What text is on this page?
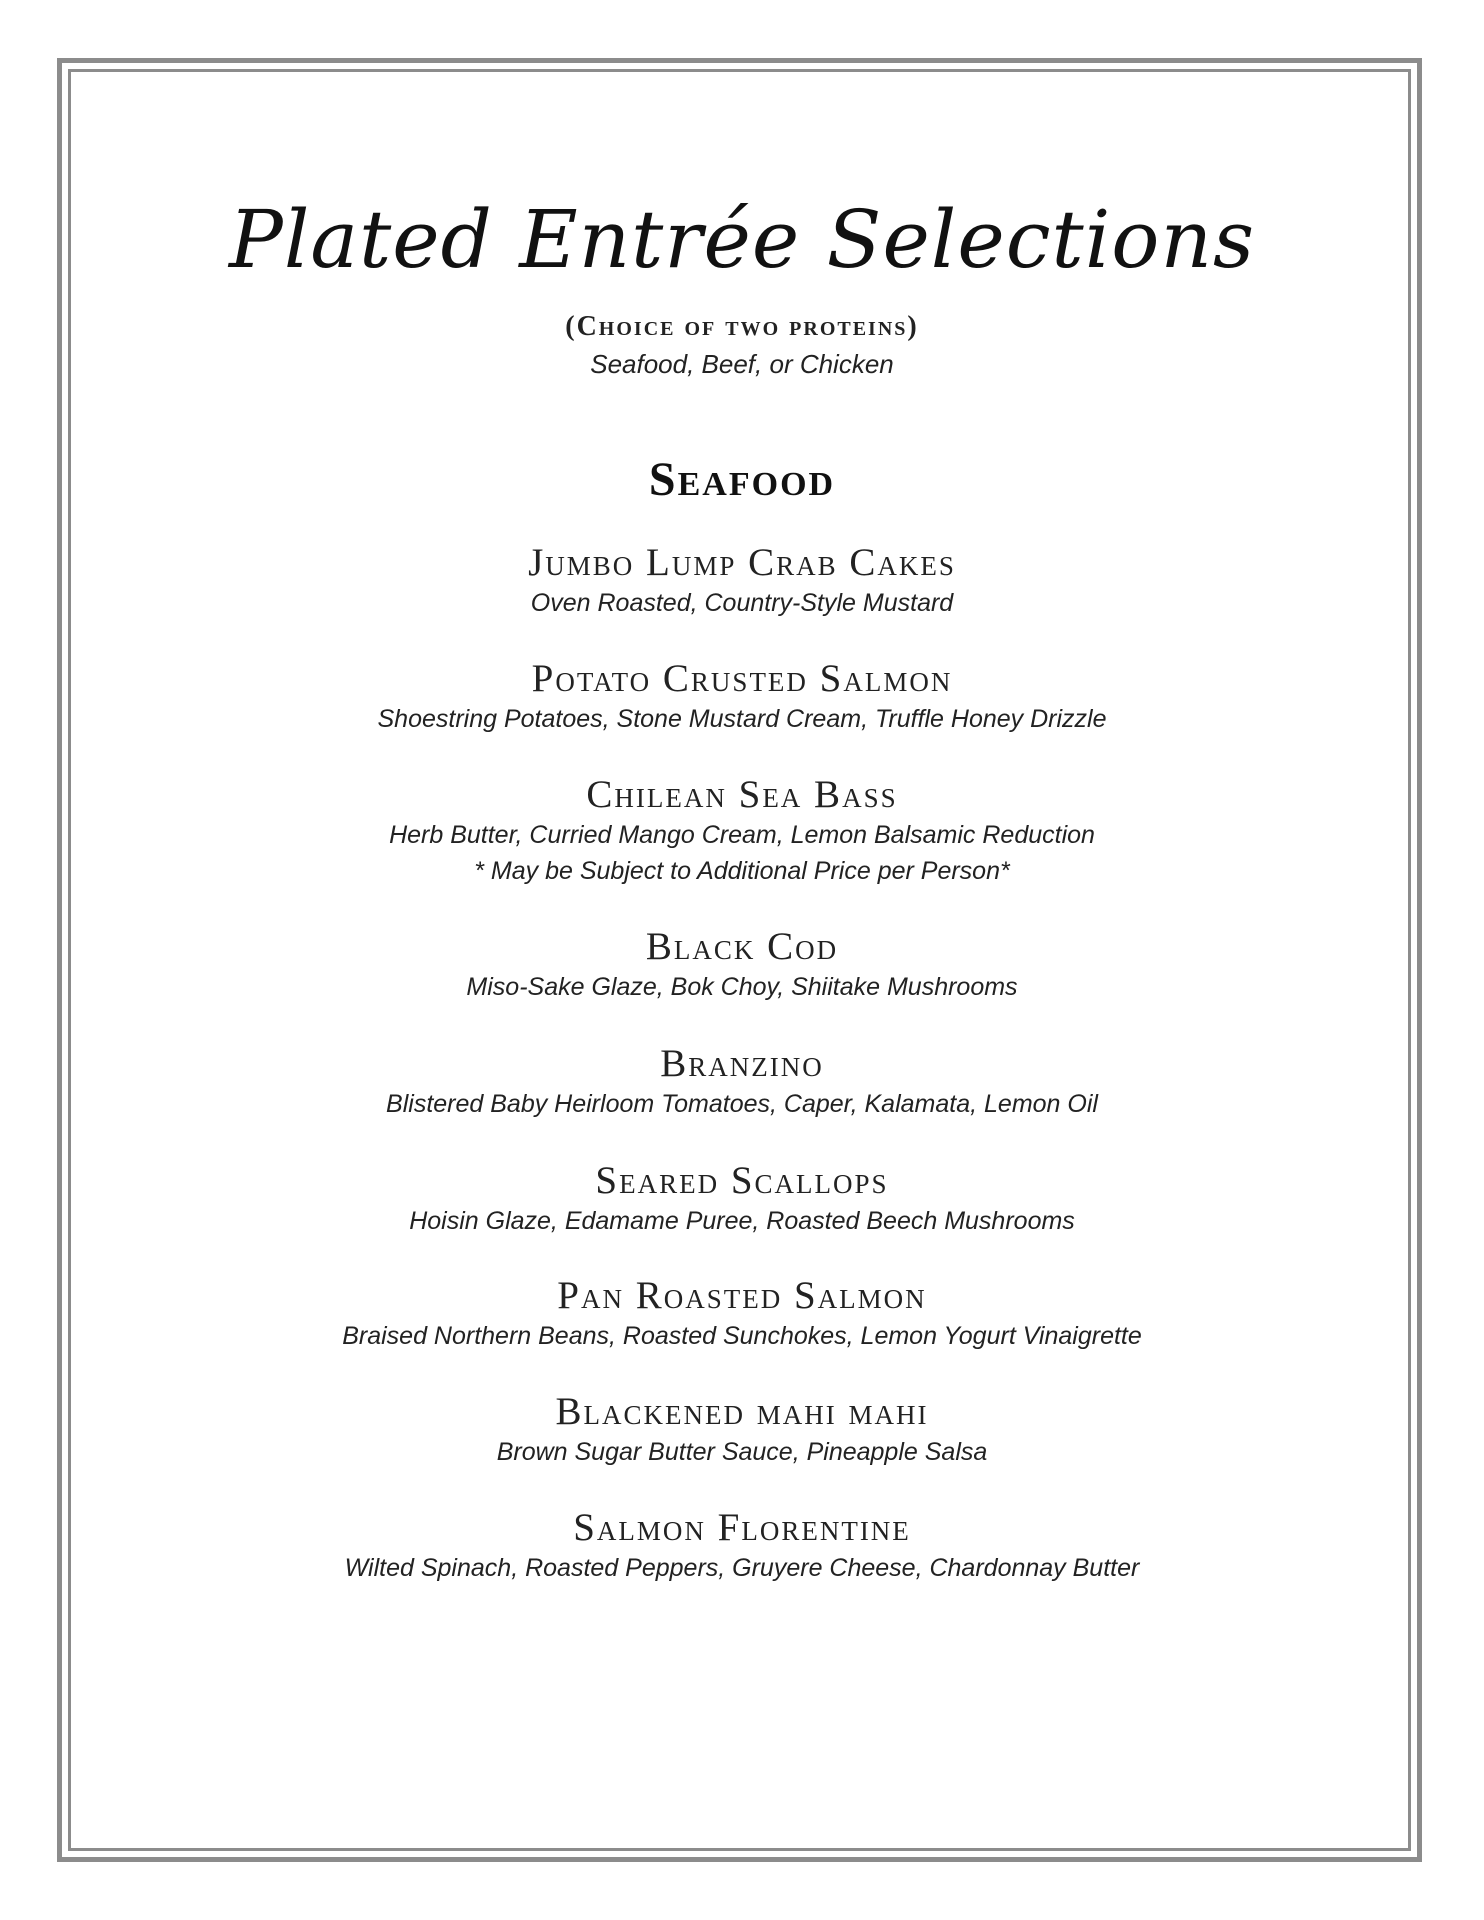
Plated Entrée Selections
(Choice of two proteins)
Seafood, Beef, or Chicken
Seafood
Jumbo Lump Crab Cakes
Oven Roasted, Country-Style Mustard
Potato Crusted Salmon
Shoestring Potatoes, Stone Mustard Cream, Truffle Honey Drizzle
Chilean Sea Bass
Herb Butter, Curried Mango Cream, Lemon Balsamic Reduction
* May be Subject to Additional Price per Person*
Black Cod
Miso-Sake Glaze, Bok Choy, Shiitake Mushrooms
Branzino
Blistered Baby Heirloom Tomatoes, Caper, Kalamata, Lemon Oil
Seared Scallops
Hoisin Glaze, Edamame Puree, Roasted Beech Mushrooms
Pan Roasted Salmon
Braised Northern Beans, Roasted Sunchokes, Lemon Yogurt Vinaigrette
Blackened mahi mahi
Brown Sugar Butter Sauce, Pineapple Salsa
Salmon Florentine
Wilted Spinach, Roasted Peppers, Gruyere Cheese, Chardonnay Butter
